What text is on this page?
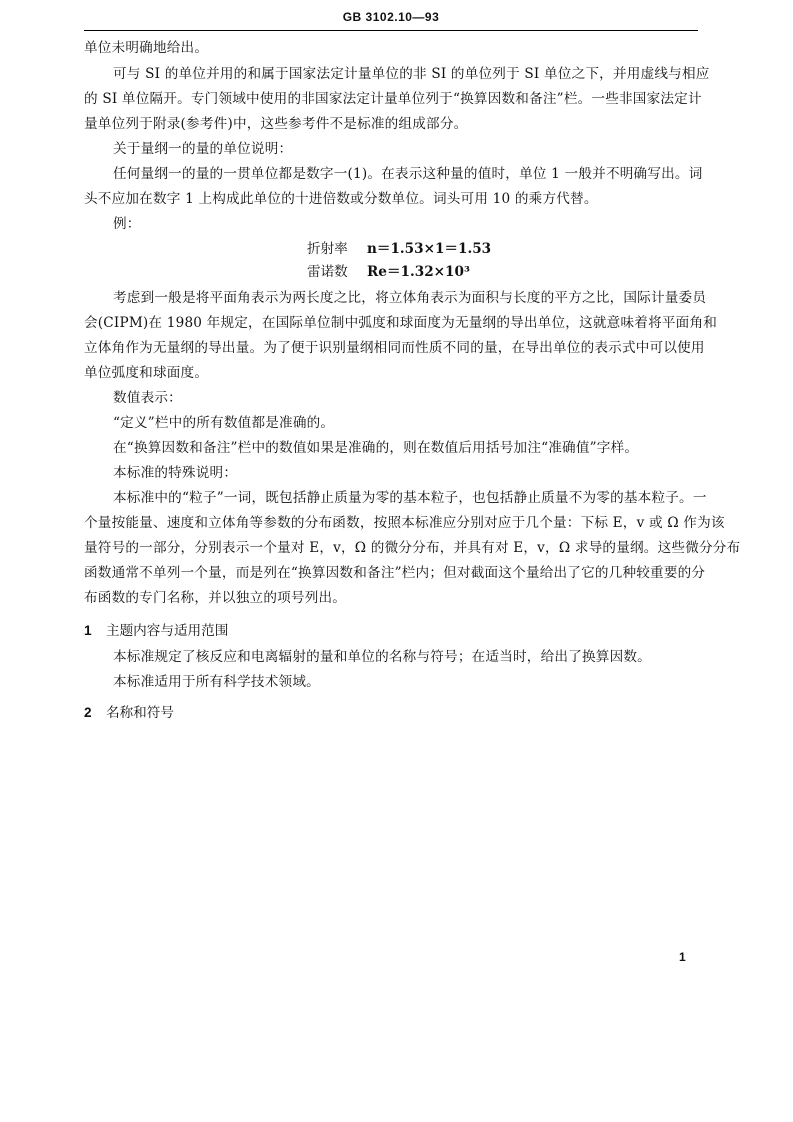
GB 3102.10—93
单位未明确地给出。
可与 SI 的单位并用的和属于国家法定计量单位的非 SI 的单位列于 SI 单位之下，并用虚线与相应
的 SI 单位隔开。专门领域中使用的非国家法定计量单位列于“换算因数和备注”栏。一些非国家法定计
量单位列于附录(参考件)中，这些参考件不是标准的组成部分。
关于量纲一的量的单位说明：
任何量纲一的量的一贯单位都是数字一(1)。在表示这种量的值时，单位 1 一般并不明确写出。词
头不应加在数字 1 上构成此单位的十进倍数或分数单位。词头可用 10 的乘方代替。
例：
折射率 n＝1.53×1＝1.53
雷诺数 Re＝1.32×10³
考虑到一般是将平面角表示为两长度之比，将立体角表示为面积与长度的平方之比，国际计量委员
会(CIPM)在 1980 年规定，在国际单位制中弧度和球面度为无量纲的导出单位，这就意味着将平面角和
立体角作为无量纲的导出量。为了便于识别量纲相同而性质不同的量，在导出单位的表示式中可以使用
单位弧度和球面度。
数值表示：
“定义”栏中的所有数值都是准确的。
在“换算因数和备注”栏中的数值如果是准确的，则在数值后用括号加注“准确值”字样。
本标准的特殊说明：
本标准中的“粒子”一词，既包括静止质量为零的基本粒子，也包括静止质量不为零的基本粒子。一
个量按能量、速度和立体角等参数的分布函数，按照本标准应分别对应于几个量：下标 E，v 或 Ω 作为该
量符号的一部分，分别表示一个量对 E，v，Ω 的微分分布，并具有对 E，v，Ω 求导的量纲。这些微分分布
函数通常不单列一个量，而是列在“换算因数和备注”栏内；但对截面这个量给出了它的几种较重要的分
布函数的专门名称，并以独立的项号列出。
1 主题内容与适用范围
本标准规定了核反应和电离辐射的量和单位的名称与符号；在适当时，给出了换算因数。
本标准适用于所有科学技术领域。
2 名称和符号
1
